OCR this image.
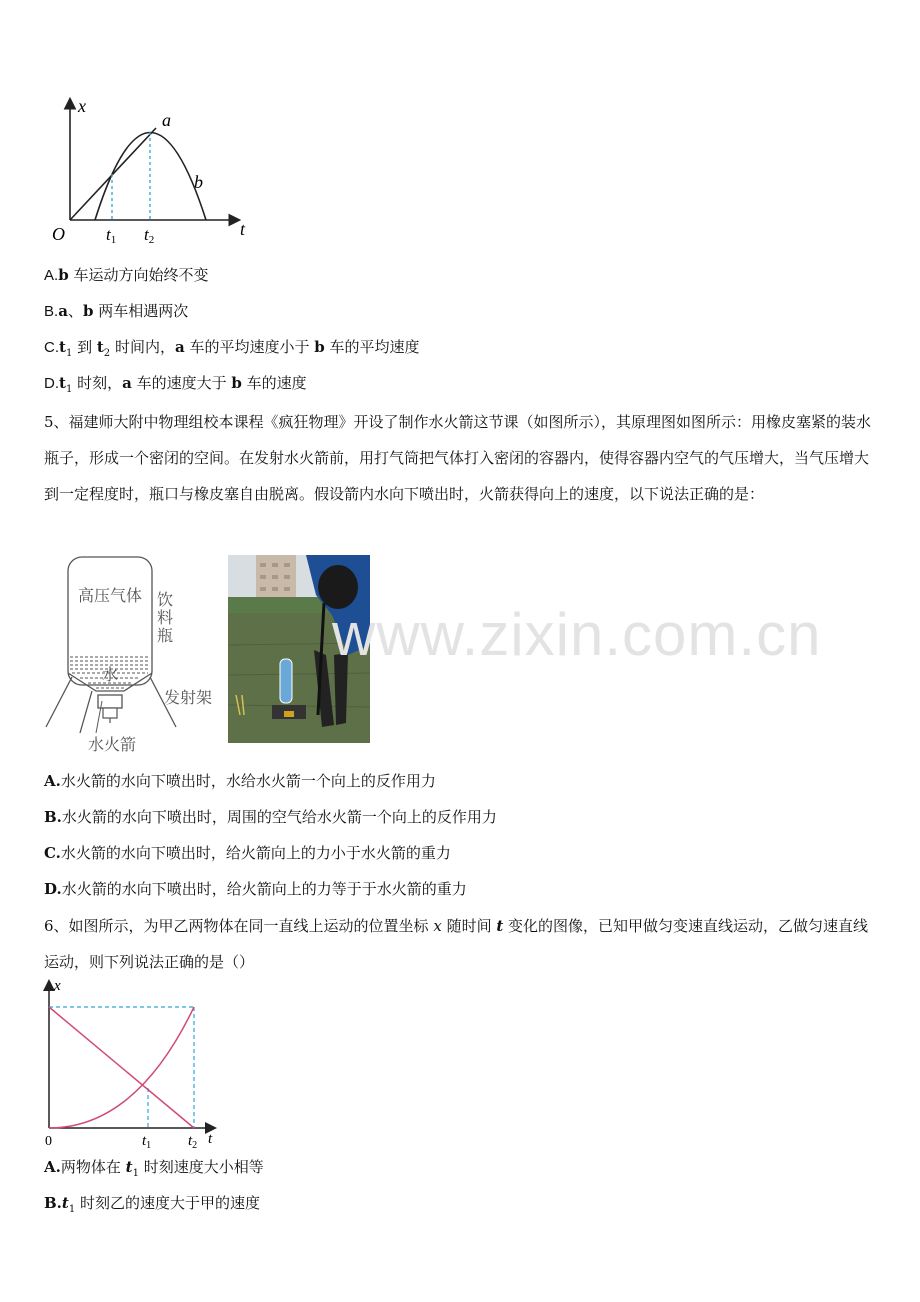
x
t
O
a
b
t1 t2
A.b 车运动方向始终不变
B.a、b 两车相遇两次
$C.t_1$ 到 $t_2$ 时间内，a 车的平均速度小于 b 车的平均速度
$D.t_1$ 时刻，a 车的速度大于 b 车的速度
5、福建师大附中物理组校本课程《疯狂物理》开设了制作水火箭这节课（如图所示），其原理图如图所示：用橡皮塞紧的装水瓶子，形成一个密闭的空间。在发射水火箭前，用打气筒把气体打入密闭的容器内，使得容器内空气的气压增大，当气压增大到一定程度时，瓶口与橡皮塞自由脱离。假设箭内水向下喷出时，火箭获得向上的速度，以下说法正确的是：
高压气体 饮
料
瓶
水
发射架
水火箭
www.zixin.com.cn
A.水火箭的水向下喷出时，水给水火箭一个向上的反作用力
B.水火箭的水向下喷出时，周围的空气给水火箭一个向上的反作用力
C.水火箭的水向下喷出时，给火箭向上的力小于水火箭的重力
D.水火箭的水向下喷出时，给火箭向上的力等于于水火箭的重力
6、如图所示，为甲乙两物体在同一直线上运动的位置坐标 x 随时间 t 变化的图像，已知甲做匀变速直线运动，乙做匀速直线运动，则下列说法正确的是（）
x
t
0	$t_1$ $t_2$
A.两物体在 $t_1$ 时刻速度大小相等
$B.t_1$ 时刻乙的速度大于甲的速度
